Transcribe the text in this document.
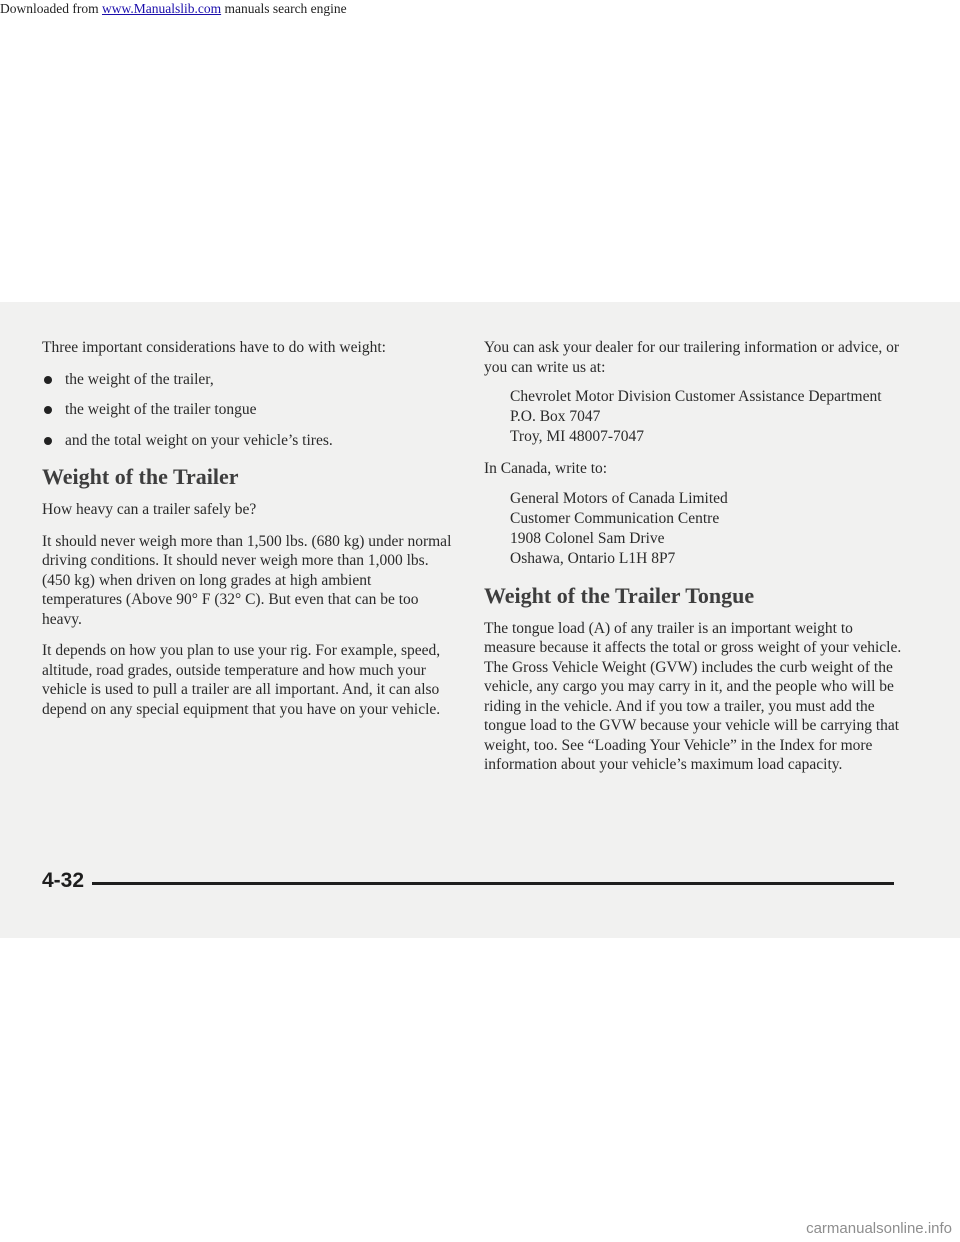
Downloaded from www.Manualslib.com manuals search engine

Three important considerations have to do with weight:

the weight of the trailer,
the weight of the trailer tongue
and the total weight on your vehicle’s tires.
Weight of the Trailer

How heavy can a trailer safely be?

It should never weigh more than 1,500 lbs. (680 kg) under normal driving conditions. It should never weigh more than 1,000 lbs. (450 kg) when driven on long grades at high ambient temperatures (Above 90° F (32° C). But even that can be too heavy.

It depends on how you plan to use your rig. For example, speed, altitude, road grades, outside temperature and how much your vehicle is used to pull a trailer are all important. And, it can also depend on any special equipment that you have on your vehicle.

You can ask your dealer for our trailering information or advice, or you can write us at:

Chevrolet Motor Division Customer Assistance Department

P.O. Box 7047

Troy, MI 48007-7047

In Canada, write to:

General Motors of Canada Limited

Customer Communication Centre

1908 Colonel Sam Drive

Oshawa, Ontario L1H 8P7

Weight of the Trailer Tongue

The tongue load (A) of any trailer is an important weight to measure because it affects the total or gross weight of your vehicle. The Gross Vehicle Weight (GVW) includes the curb weight of the vehicle, any cargo you may carry in it, and the people who will be riding in the vehicle. And if you tow a trailer, you must add the tongue load to the GVW because your vehicle will be carrying that weight, too. See “Loading Your Vehicle” in the Index for more information about your vehicle’s maximum load capacity.

4-32
carmanualsonline.info
